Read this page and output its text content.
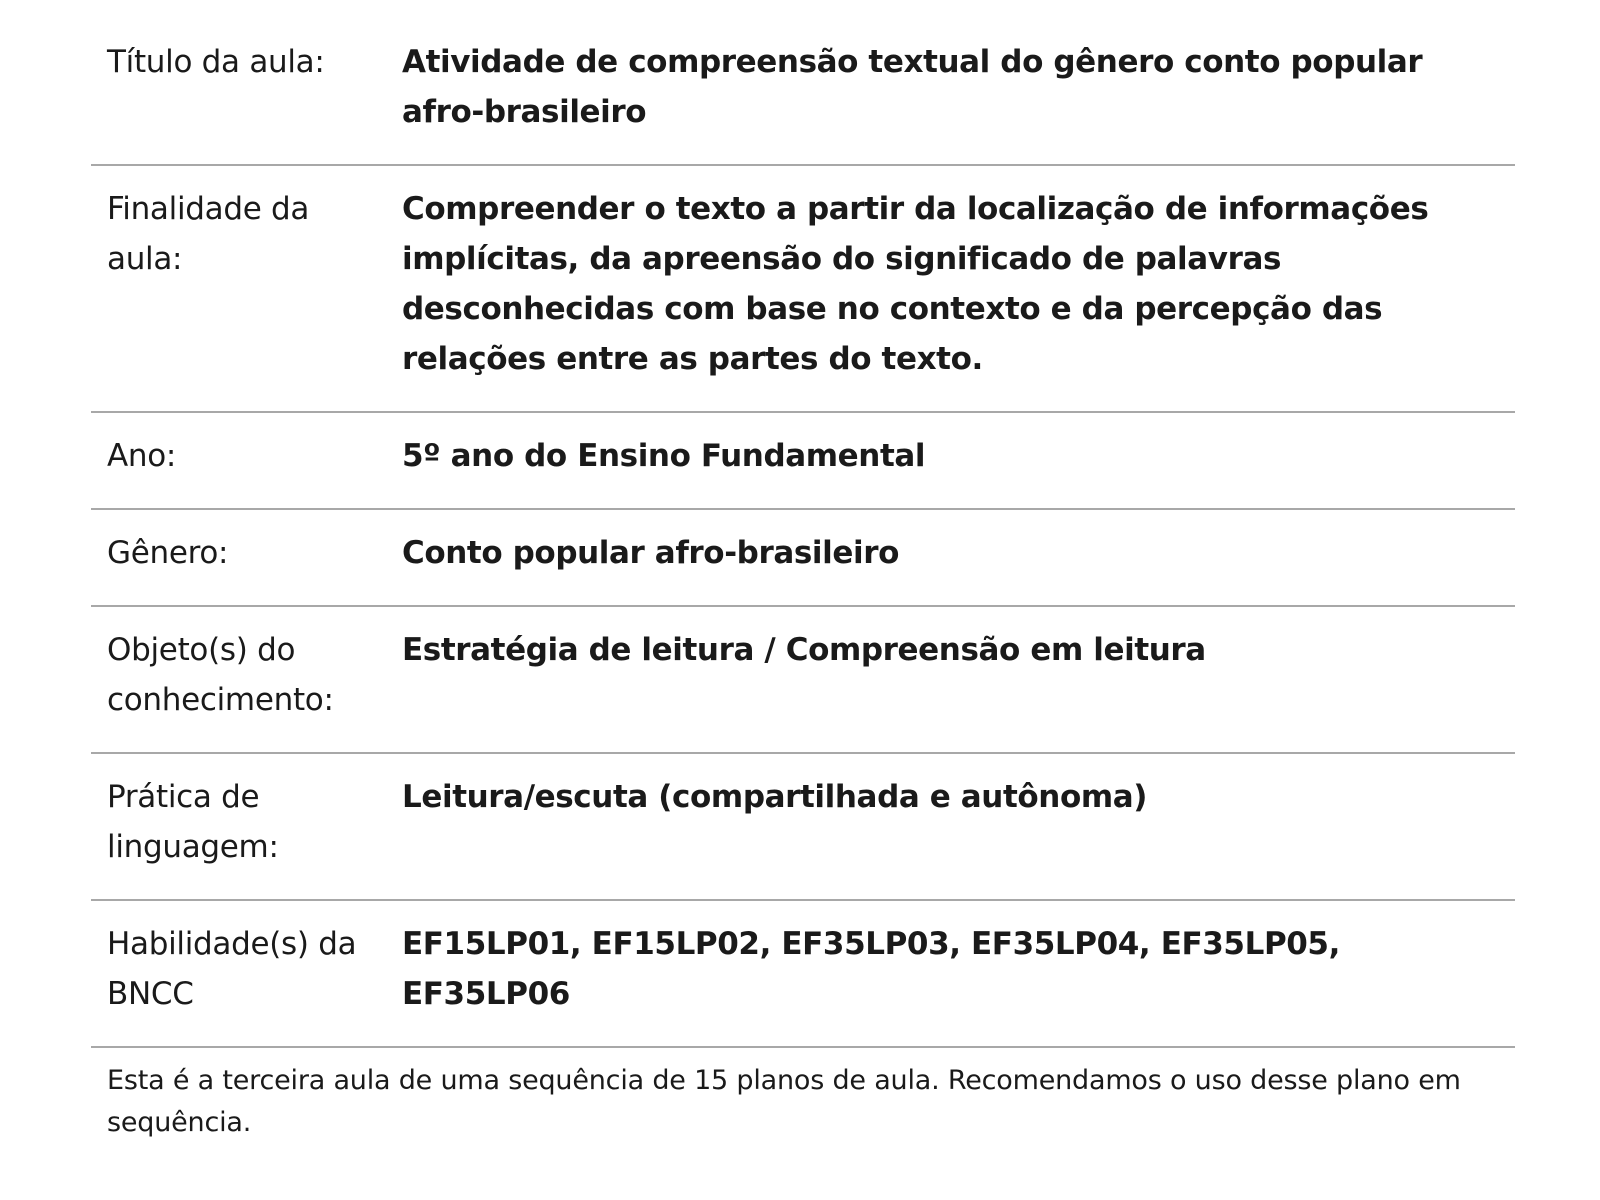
Título da aula:	Atividade de compreensão textual do gênero conto popular afro-brasileiro
Finalidade da aula:	Compreender o texto a partir da localização de informações implícitas, da apreensão do significado de palavras desconhecidas com base no contexto e da percepção das relações entre as partes do texto.
Ano:	5º ano do Ensino Fundamental
Gênero:	Conto popular afro-brasileiro
Objeto(s) do conhecimento:	Estratégia de leitura / Compreensão em leitura
Prática de linguagem:	Leitura/escuta (compartilhada e autônoma)
Habilidade(s) da BNCC	EF15LP01, EF15LP02, EF35LP03, EF35LP04, EF35LP05, EF35LP06
Esta é a terceira aula de uma sequência de 15 planos de aula. Recomendamos o uso desse plano em sequência.
